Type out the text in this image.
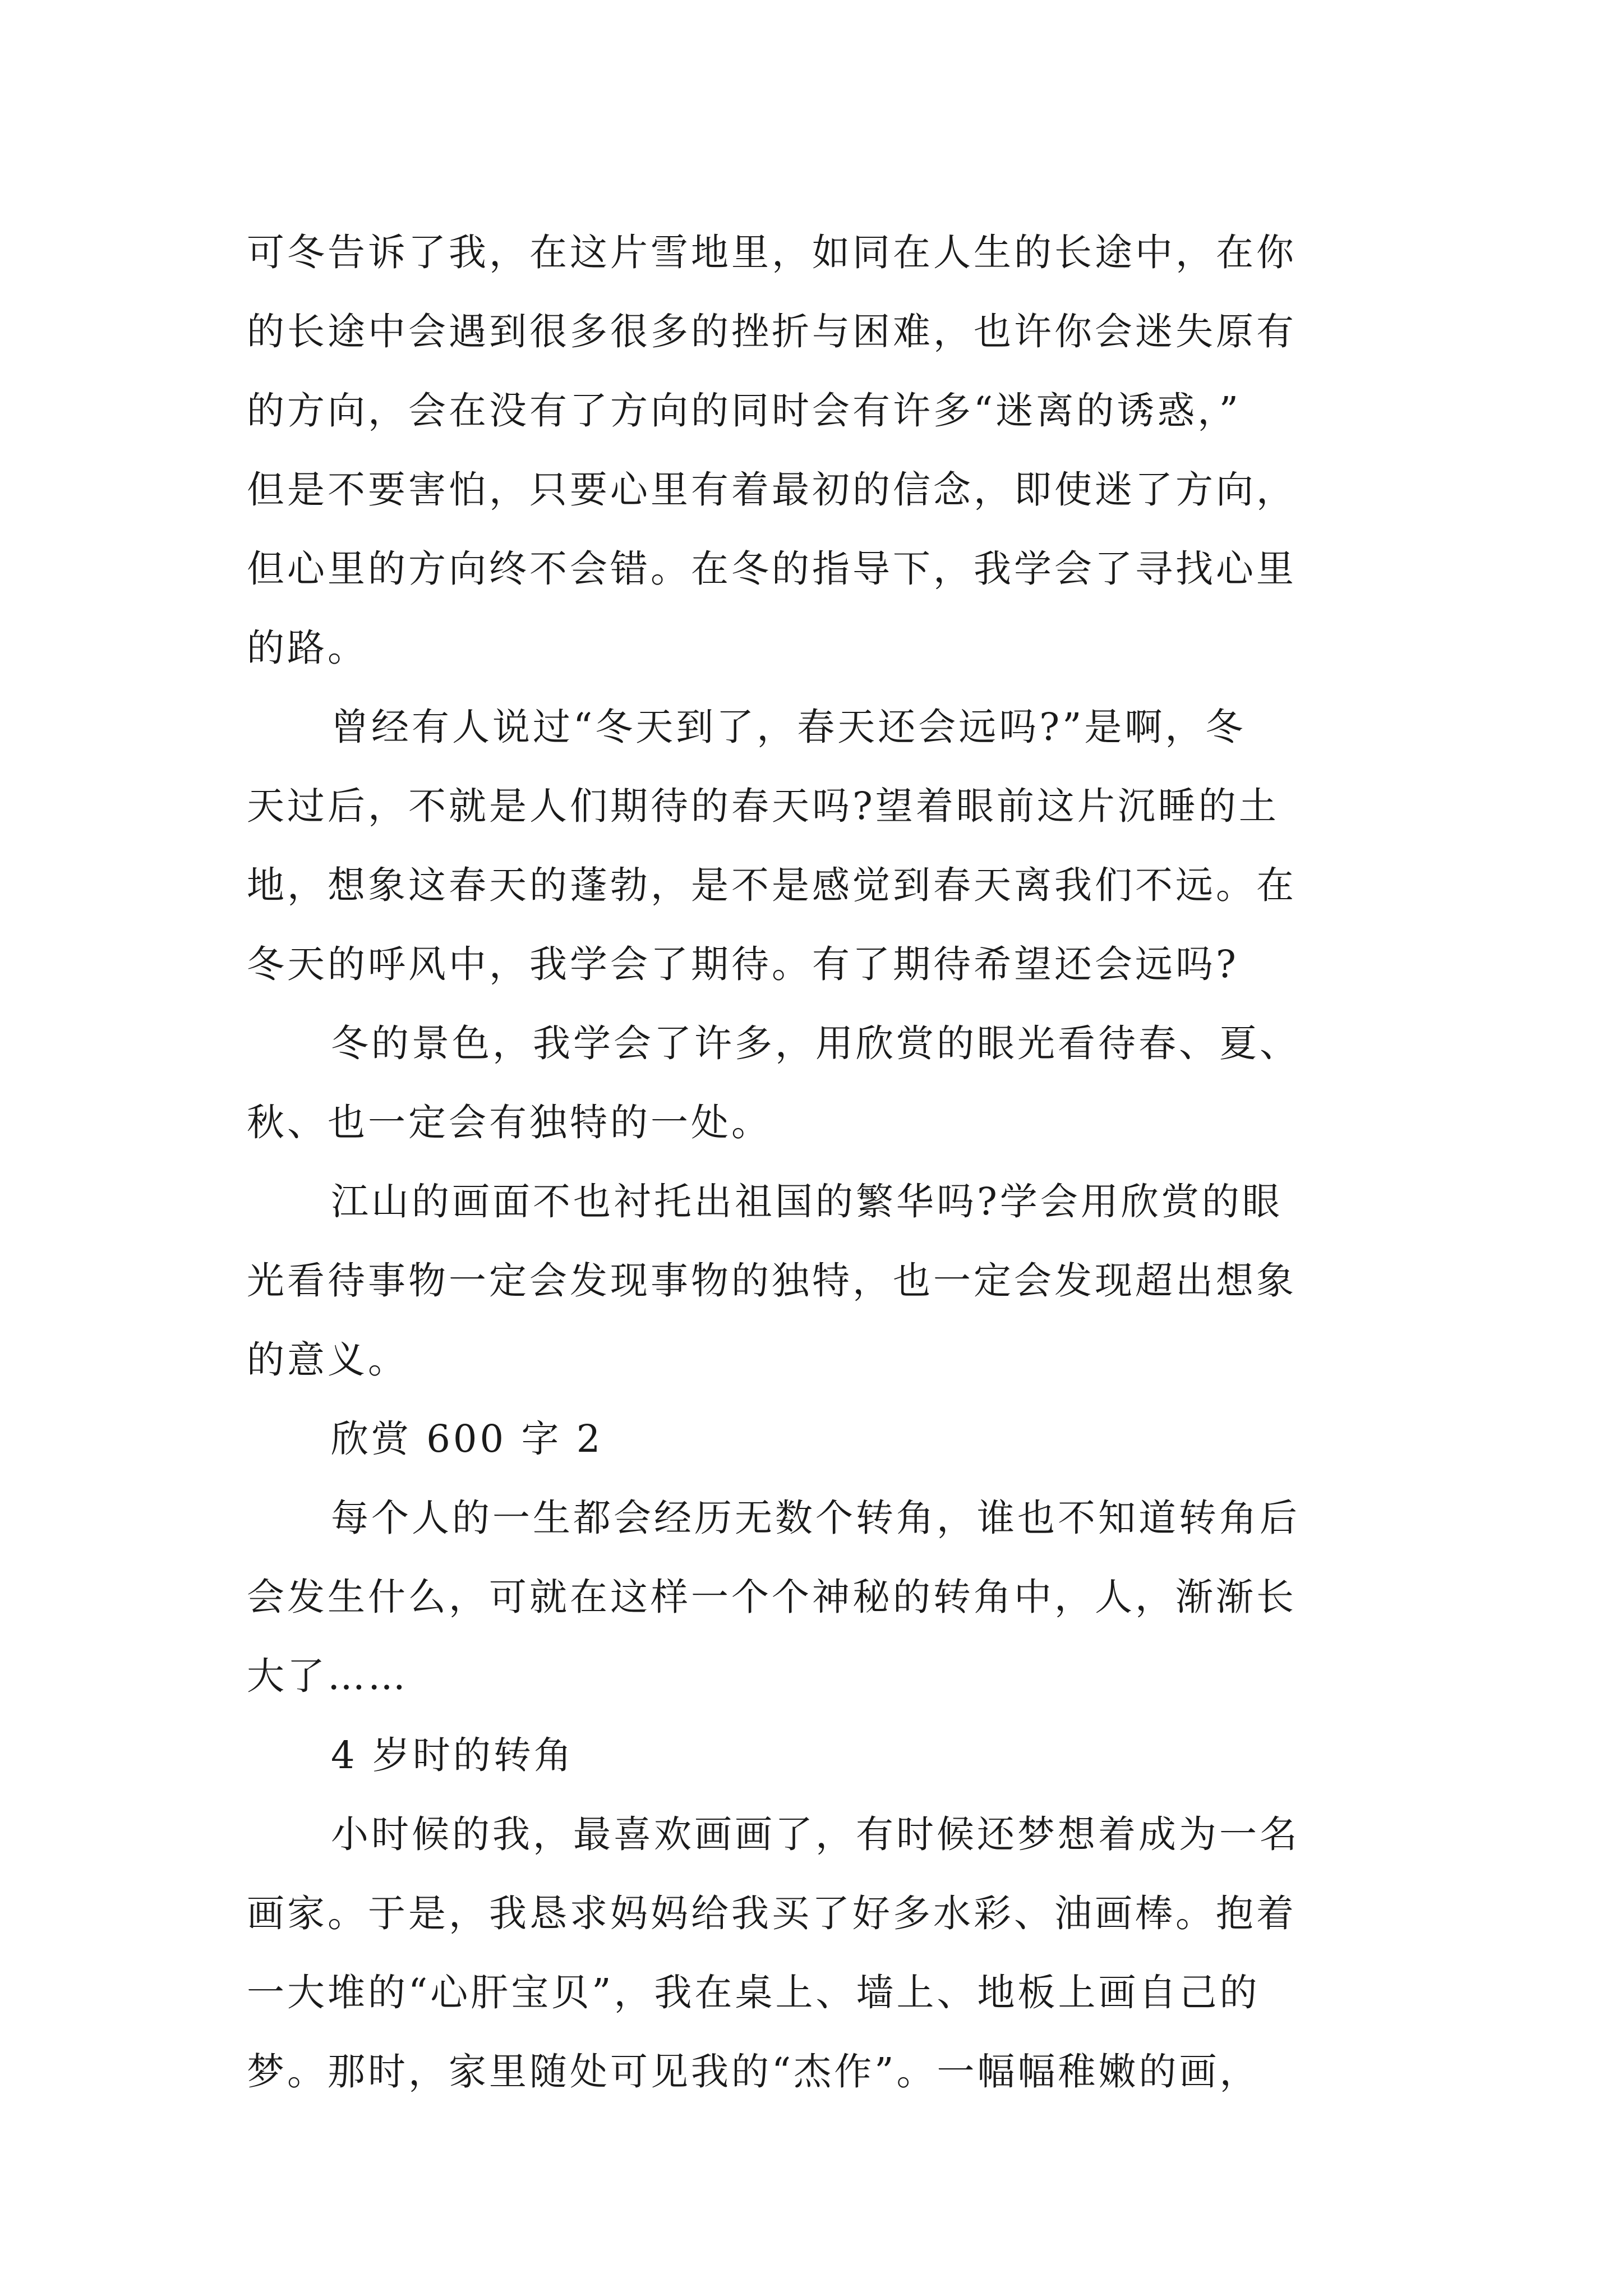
可冬告诉了我，在这片雪地里，如同在人生的长途中，在你
的长途中会遇到很多很多的挫折与困难，也许你会迷失原有
的方向，会在没有了方向的同时会有许多“迷离的诱惑，”
但是不要害怕，只要心里有着最初的信念，即使迷了方向，
但心里的方向终不会错。在冬的指导下，我学会了寻找心里
的路。
曾经有人说过“冬天到了，春天还会远吗?”是啊，冬
天过后，不就是人们期待的春天吗?望着眼前这片沉睡的土
地，想象这春天的蓬勃，是不是感觉到春天离我们不远。在
冬天的呼风中，我学会了期待。有了期待希望还会远吗?
冬的景色，我学会了许多，用欣赏的眼光看待春、夏、
秋、也一定会有独特的一处。
江山的画面不也衬托出祖国的繁华吗?学会用欣赏的眼
光看待事物一定会发现事物的独特，也一定会发现超出想象
的意义。
欣赏 600 字 2
每个人的一生都会经历无数个转角，谁也不知道转角后
会发生什么，可就在这样一个个神秘的转角中，人，渐渐长
大了……
4 岁时的转角
小时候的我，最喜欢画画了，有时候还梦想着成为一名
画家。于是，我恳求妈妈给我买了好多水彩、油画棒。抱着
一大堆的“心肝宝贝”，我在桌上、墙上、地板上画自己的
梦。那时，家里随处可见我的“杰作”。一幅幅稚嫩的画，
